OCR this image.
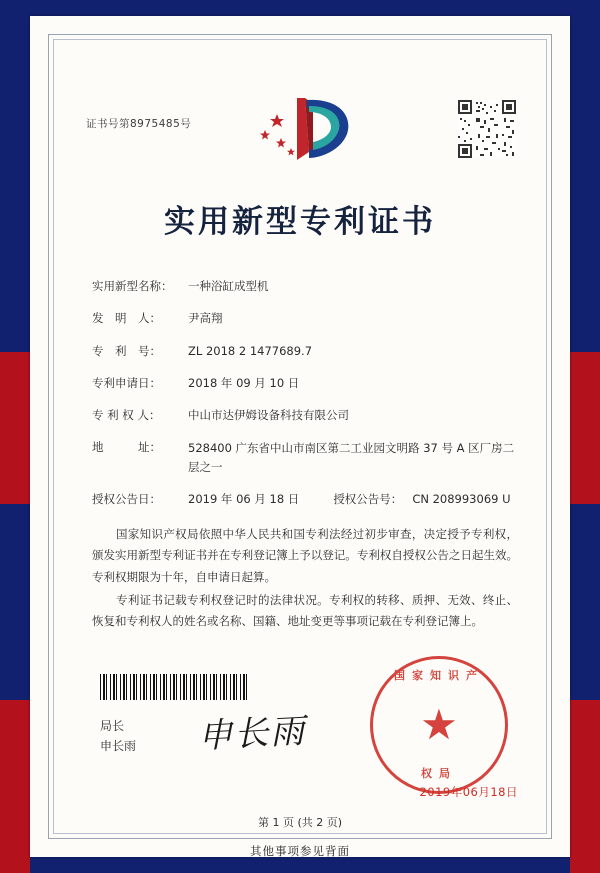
证书号第8975485号
实用新型专利证书
实用新型名称：	一种浴缸成型机
发　明　人：	尹高翔
专　利　号：	ZL 2018 2 1477689.7
专利申请日：	2018 年 09 月 10 日
专 利 权 人：	中山市达伊姆设备科技有限公司
地　　　址：	528400 广东省中山市南区第二工业园文明路 37 号 A 区厂房二层之一
授权公告日：	2019 年 06 月 18 日	授权公告号： CN 208993069 U

国家知识产权局依照中华人民共和国专利法经过初步审查，决定授予专利权，颁发实用新型专利证书并在专利登记簿上予以登记。专利权自授权公告之日起生效。专利权期限为十年，自申请日起算。

专利证书记载专利权登记时的法律状况。专利权的转移、质押、无效、终止、恢复和专利权人的姓名或名称、国籍、地址变更等事项记载在专利登记簿上。

局长
申长雨 申长雨
国家知识产
★
权局
2019年06月18日
第 1 页 (共 2 页)
其他事项参见背面
